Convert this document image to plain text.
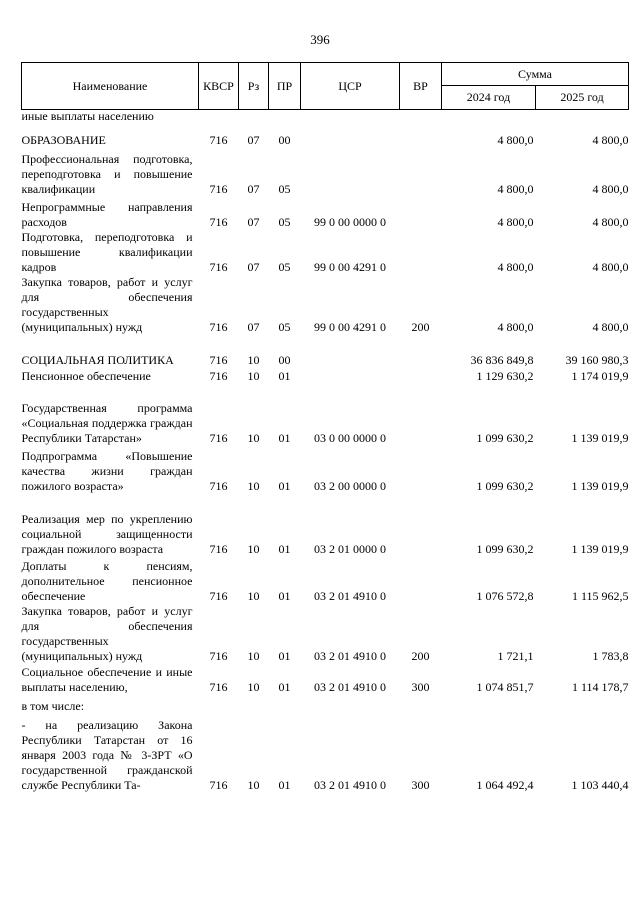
396
Наименование	КВСР	Рз	ПР	ЦСР	ВР	Сумма	
						2024 год	2025 год
иные выплаты населению							
ОБРАЗОВАНИЕ	716	07	00			4 800,0	4 800,0
Профессиональная подготовка, переподготовка и повышение квалификации	716	07	05			4 800,0	4 800,0
Непрограммные направления расходов	716	07	05	99 0 00 0000 0		4 800,0	4 800,0
Подготовка, переподготовка и повышение квалификации кадров	716	07	05	99 0 00 4291 0		4 800,0	4 800,0
Закупка товаров, работ и услуг для обеспечения государственных (муниципальных) нужд	716	07	05	99 0 00 4291 0	200	4 800,0	4 800,0
СОЦИАЛЬНАЯ ПОЛИТИКА	716	10	00			36 836 849,8	39 160 980,3
Пенсионное обеспечение	716	10	01			1 129 630,2	1 174 019,9
Государственная программа «Социальная поддержка граждан Республики Татарстан»	716	10	01	03 0 00 0000 0		1 099 630,2	1 139 019,9
Подпрограмма «Повышение качества жизни граждан пожилого возраста»	716	10	01	03 2 00 0000 0		1 099 630,2	1 139 019,9
Реализация мер по укреплению социальной защищенности граждан пожилого возраста	716	10	01	03 2 01 0000 0		1 099 630,2	1 139 019,9
Доплаты к пенсиям, дополнительное пенсионное обеспечение	716	10	01	03 2 01 4910 0		1 076 572,8	1 115 962,5
Закупка товаров, работ и услуг для обеспечения государственных (муниципальных) нужд	716	10	01	03 2 01 4910 0	200	1 721,1	1 783,8
Социальное обеспечение и иные выплаты населению,	716	10	01	03 2 01 4910 0	300	1 074 851,7	1 114 178,7
в том числе:							
- на реализацию Закона Республики Татарстан от 16 января 2003 года № 3-ЗРТ «О государственной гражданской службе Республики Та-	716	10	01	03 2 01 4910 0	300	1 064 492,4	1 103 440,4
